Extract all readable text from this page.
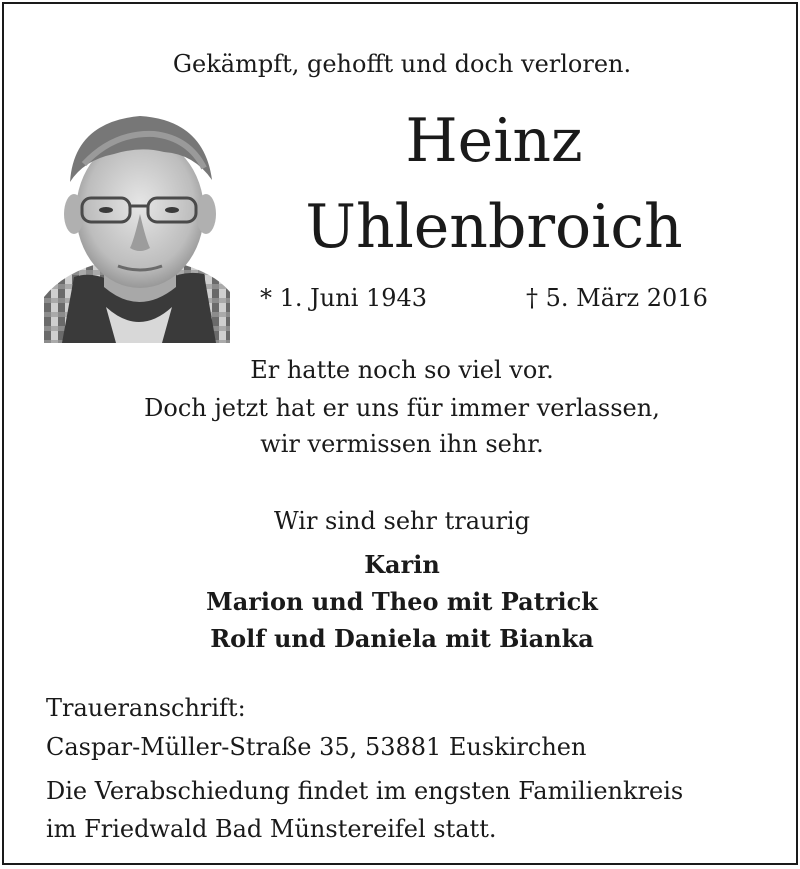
Gekämpft, gehofft und doch verloren.
Heinz
Uhlenbroich
* 1. Juni 1943	† 5. März 2016
Er hatte noch so viel vor.
Doch jetzt hat er uns für immer verlassen,
wir vermissen ihn sehr.
Wir sind sehr traurig
Karin
Marion und Theo mit Patrick
Rolf und Daniela mit Bianka
Traueranschrift:
Caspar-Müller-Straße 35, 53881 Euskirchen
Die Verabschiedung findet im engsten Familienkreis
im Friedwald Bad Münstereifel statt.
